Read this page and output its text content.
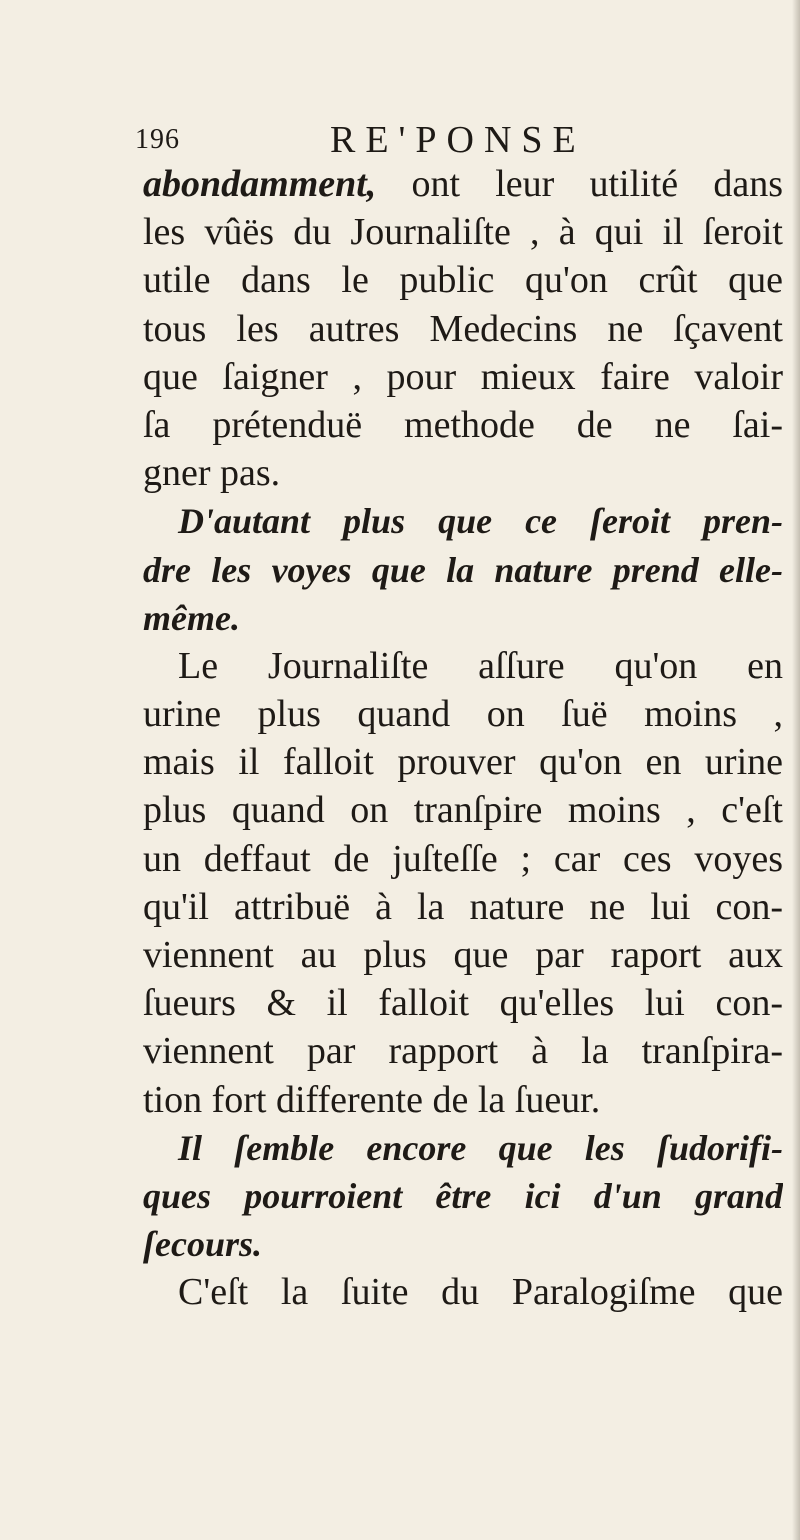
196	RE'PONSE
abondamment, ont leur utilité dans
les vûës du Journaliſte , à qui il ſeroit
utile dans le public qu'on crût que
tous les autres Medecins ne ſçavent
que ſaigner , pour mieux faire valoir
ſa prétenduë methode de ne ſai-
gner pas.
D'autant plus que ce ſeroit pren-
dre les voyes que la nature prend elle-
même.
Le Journaliſte aſſure qu'on en
urine plus quand on ſuë moins ,
mais il falloit prouver qu'on en urine
plus quand on tranſpire moins , c'eſt
un deffaut de juſteſſe ; car ces voyes
qu'il attribuë à la nature ne lui con-
viennent au plus que par raport aux
ſueurs & il falloit qu'elles lui con-
viennent par rapport à la tranſpira-
tion fort differente de la ſueur.
Il ſemble encore que les ſudorifi-
ques pourroient être ici d'un grand
ſecours.
C'eſt la ſuite du Paralogiſme que
